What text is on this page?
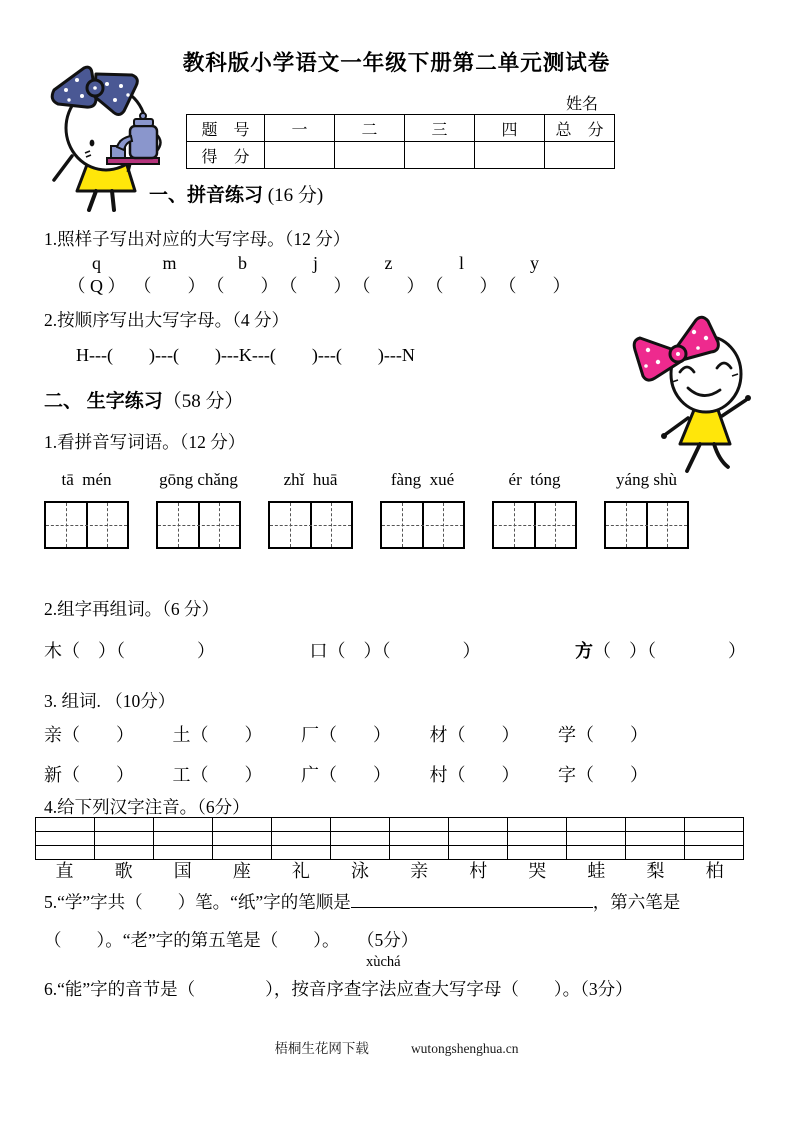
教科版小学语文一年级下册第二单元测试卷
姓名
题　号	一	二	三	四	总　分
得　分					
一、拼音练习 (16 分)
1.照样子写出对应的大写字母。（12 分）
q
（ Q ）
m
（　　）
b
（　　）
j
（　　）
z
（　　）
l
（　　）
y
（　　）
2.按顺序写出大写字母。（4 分）
H---(　　)---(　　)---K---(　　)---(　　)---N
二、 生字练习（58 分）
1.看拼音写词语。（12 分）
tā  mén	gōng chǎng	zhǐ  huā	fàng  xué	ér  tóng	yáng shù
2.组字再组词。（6 分）
木（　）（　　　　）	口（　）（　　　　）	方（　）（　　　　）
3. 组词. （10分）
亲（　　） 土（　　） 厂（　　） 材（　　） 学（　　）
新（　　） 工（　　） 广（　　） 村（　　） 字（　　）
4.给下列汉字注音。（6分）

直	歌	国	座	礼	泳	亲	村	哭	蛙	梨	柏
5.“学”字共（　　）笔。“纸”字的笔顺是	，第六笔是
（　　）。“老”字的第五笔是（　　）。　　（5分）
xùchá
6.“能”字的音节是（　　　　），按音序查字法应查大写字母（　　）。（3分）
梧桐生花网下载	wutongshenghua.cn
